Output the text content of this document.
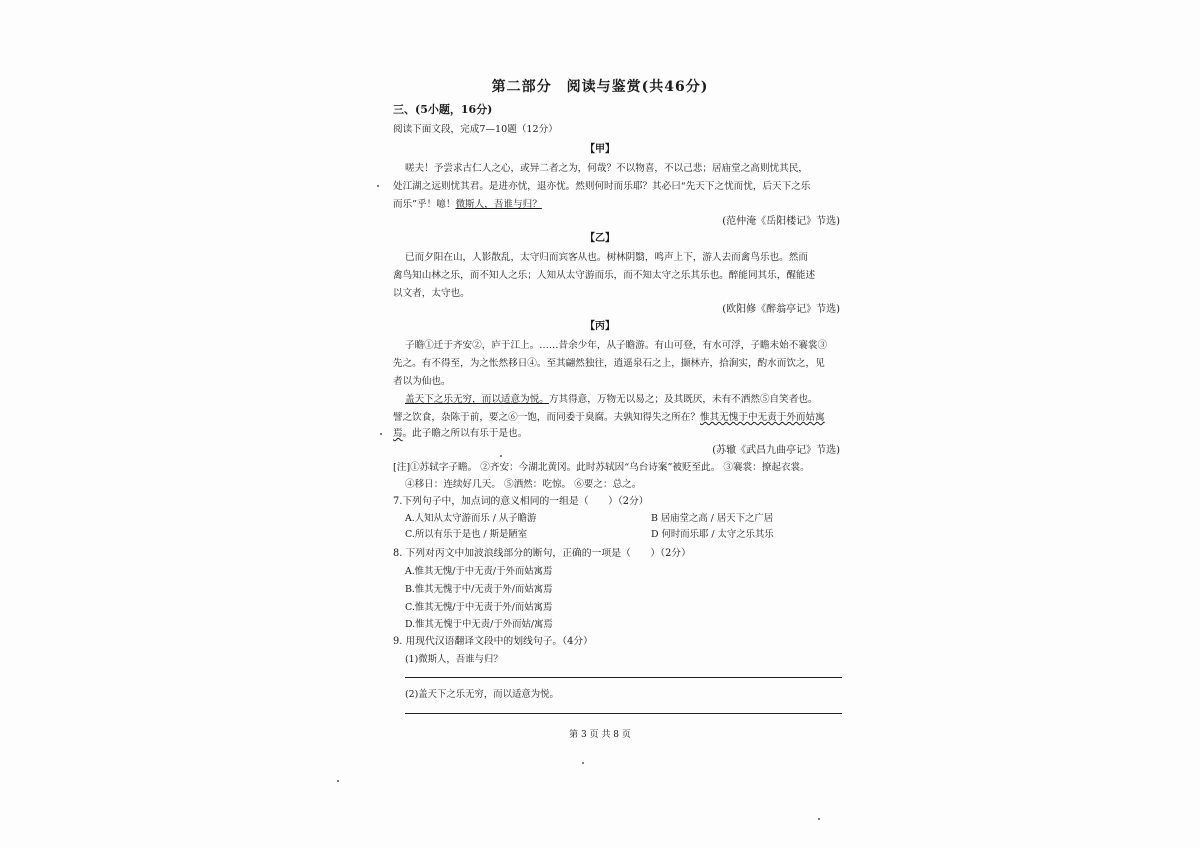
第二部分　阅读与鉴赏(共46分)
三、(5小题，16分)
阅读下面文段，完成7—10题（12分）
【甲】
嗟夫！予尝求古仁人之心，或异二者之为，何哉？不以物喜，不以己悲；居庙堂之高则忧其民，
处江湖之远则忧其君。是进亦忧，退亦忧。然则何时而乐耶？其必曰“先天下之忧而忧，后天下之乐
而乐”乎！噫！微斯人，吾谁与归？
(范仲淹《岳阳楼记》节选)
【乙】
已而夕阳在山，人影散乱，太守归而宾客从也。树林阴翳，鸣声上下，游人去而禽鸟乐也。然而
禽鸟知山林之乐，而不知人之乐；人知从太守游而乐，而不知太守之乐其乐也。醉能同其乐，醒能述
以文者，太守也。
(欧阳修《醉翁亭记》节选)
【丙】
子瞻①迁于齐安②，庐于江上。……昔余少年，从子瞻游。有山可登，有水可浮，子瞻未始不褰裳③
先之。有不得至，为之怅然移日④。至其翩然独往，逍遥泉石之上，撷林卉，拾涧实，酌水而饮之，见
者以为仙也。
盖天下之乐无穷，而以适意为悦。方其得意，万物无以易之；及其既厌，未有不洒然⑤自笑者也。
譬之饮食，杂陈于前，要之⑥一饱，而同委于臭腐。夫孰知得失之所在？惟其无愧于中无责于外而姑寓
焉。此子瞻之所以有乐于是也。
(苏辙《武昌九曲亭记》节选)
[注]①苏轼字子瞻。 ②齐安：今湖北黄冈。此时苏轼因“乌台诗案”被贬至此。 ③褰裳：撩起衣裳。
④移日：连续好几天。 ⑤洒然：吃惊。 ⑥要之：总之。
7.下列句子中，加点词的意义相同的一组是（　　）（2分）
A.人知从太守游而乐 / 从子瞻游	B 居庙堂之高 / 居天下之广居
C.所以有乐于是也 / 斯是陋室	D 何时而乐耶 / 太守之乐其乐
8. 下列对丙文中加波浪线部分的断句，正确的一项是（　　）（2分）
A.惟其无愧/于中无责/于外而姑寓焉
B.惟其无愧于中/无责于外/而姑寓焉
C.惟其无愧/于中无责于外/而姑寓焉
D.惟其无愧于中无责/于外而姑/寓焉
9. 用现代汉语翻译文段中的划线句子。（4分）
(1)微斯人，吾谁与归？
(2)盖天下之乐无穷，而以适意为悦。
第 3 页 共 8 页
